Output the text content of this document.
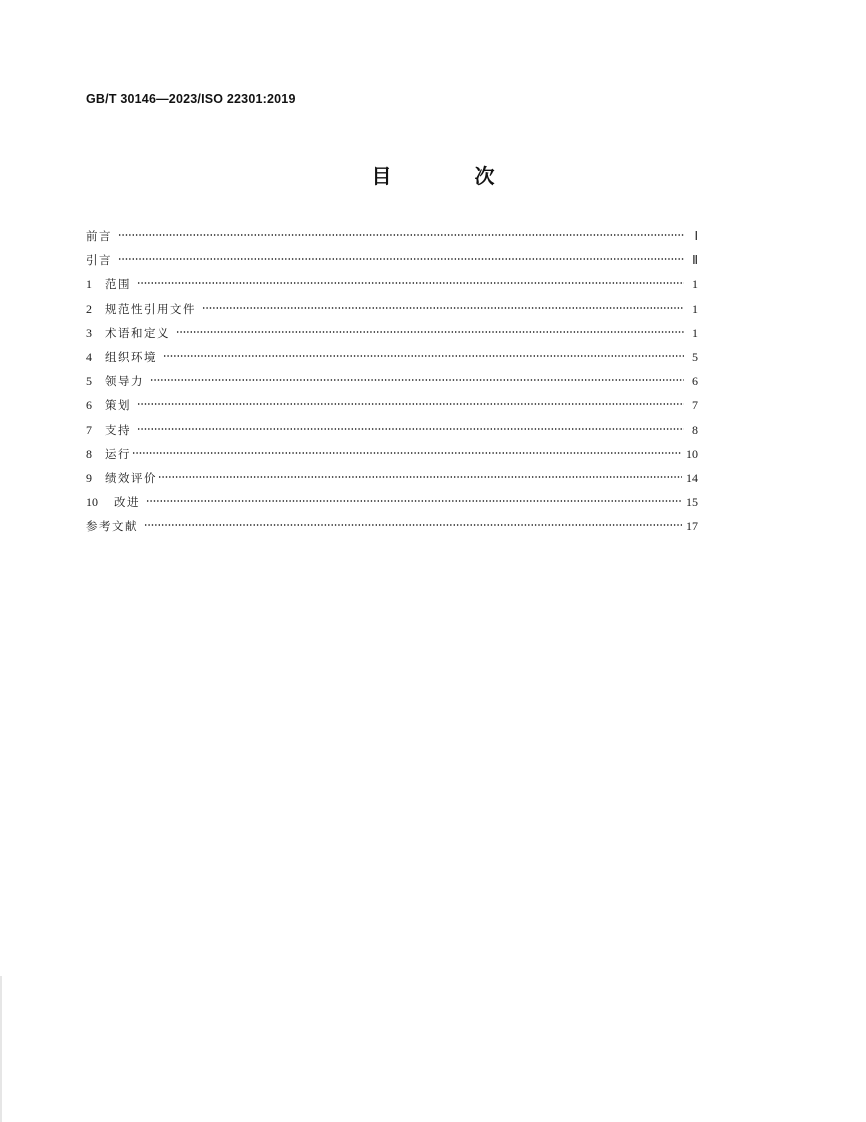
GB/T 30146—2023/ISO 22301:2019
目 次
前言	Ⅰ
引言	Ⅱ
1	范围	1
2	规范性引用文件	1
3	术语和定义	1
4	组织环境	5
5	领导力	6
6	策划	7
7	支持	8
8	运行	10
9	绩效评价	14
10	改进	15
参考文献	17
